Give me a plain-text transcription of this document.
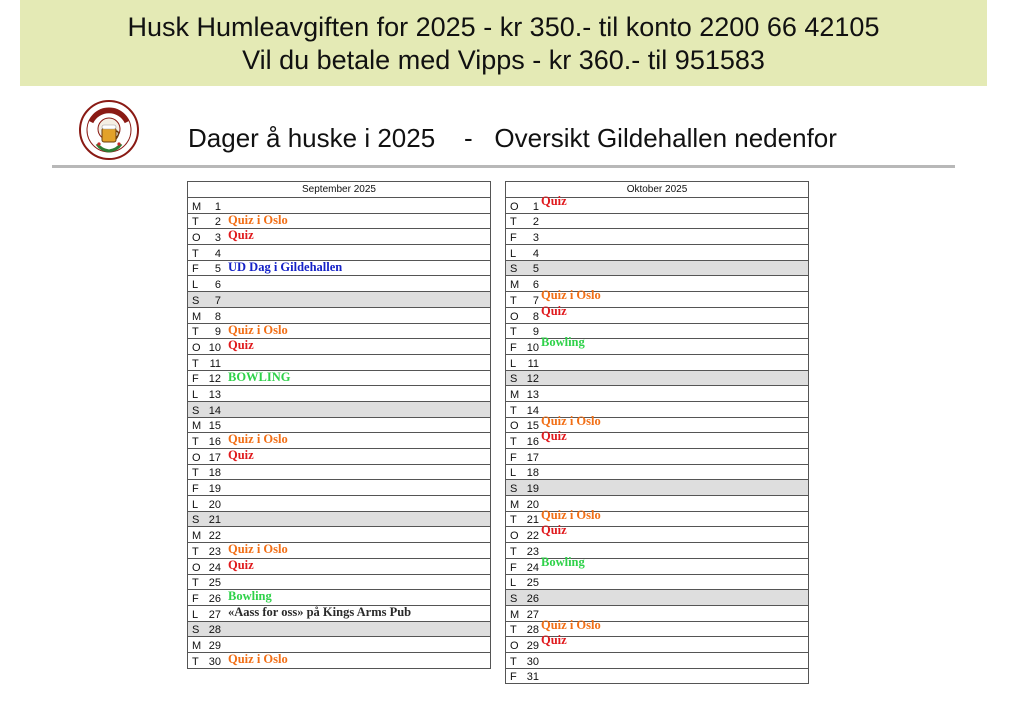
Husk Humleavgiften for 2025 - kr 350.- til konto 2200 66 42105
Vil du betale med Vipps - kr 360.- til 951583
Dager å huske i 2025    -   Oversikt Gildehallen nedenfor
September 2025
M	1
T	2 Quiz i Oslo
O	3 Quiz
T	4
F	5 UD Dag i Gildehallen
L	6
S	7
M	8
T	9 Quiz i Oslo
O 10 Quiz
T 11
F 12 BOWLING
L 13
S 14
M 15
T 16 Quiz i Oslo
O 17 Quiz
T 18
F 19
L 20
S 21
M 22
T 23 Quiz i Oslo
O 24 Quiz
T 25
F 26 Bowling
L 27 «Aass for oss» på Kings Arms Pub
S 28
M 29
T 30 Quiz i Oslo
Oktober 2025
O	1 Quiz
T	2
F	3
L	4
S	5
M	6
T	7 Quiz i Oslo
O	8 Quiz
T	9
F 10 Bowling
L	11
S 12
M 13
T 14
O 15 Quiz i Oslo
T 16 Quiz
F 17
L 18
S 19
M 20
T 21 Quiz i Oslo
O 22 Quiz
T 23
F 24 Bowling
L 25
S 26
M 27
T 28 Quiz i Oslo
O 29 Quiz
T 30
F 31
